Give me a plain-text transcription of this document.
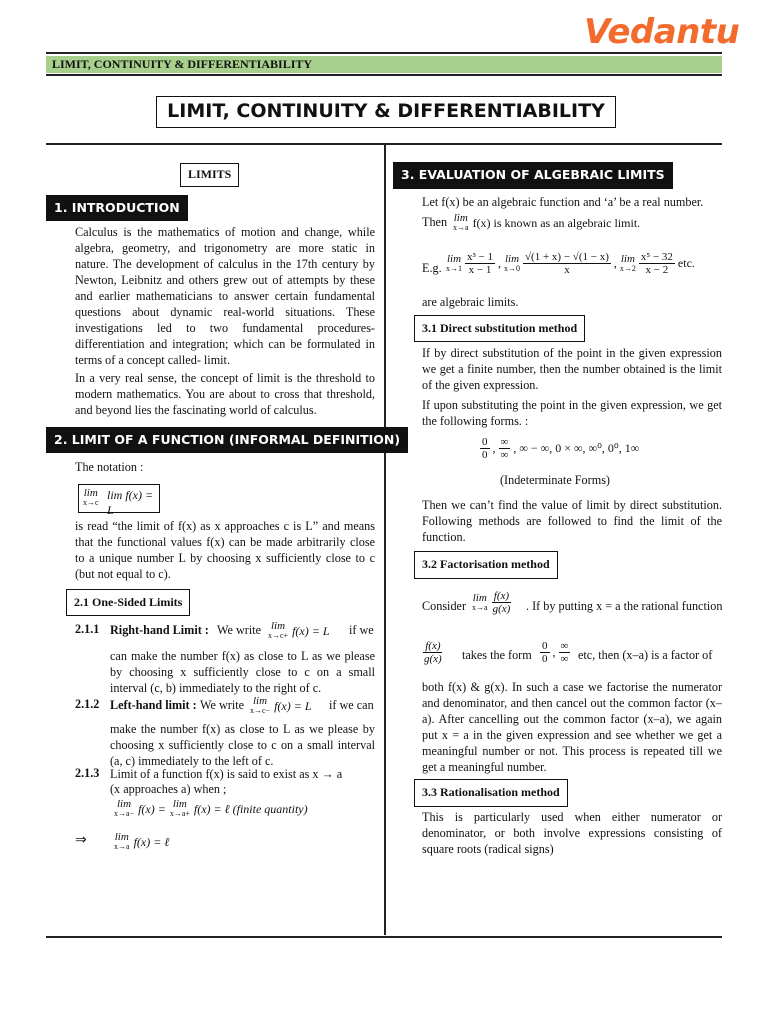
Vedantu
LIMIT, CONTINUITY & DIFFERENTIABILITY
LIMIT, CONTINUITY & DIFFERENTIABILITY
LIMITS
1. INTRODUCTION

Calculus is the mathematics of motion and change, while algebra, geometry, and trigonometry are more static in nature. The development of calculus in the 17th century by Newton, Leibnitz and others grew out of attempts by these and earlier mathematicians to answer certain fundamental questions about dynamic real-world situations. These investigations led to two fundamental procedures- differentiation and integration; which can be formulated in terms of a concept called- limit.

In a very real sense, the concept of limit is the threshold to modern mathematics. You are about to cross that threshold, and beyond lies the fascinating world of calculus.

2. LIMIT OF A FUNCTION (INFORMAL DEFINITION)
The notation :
lim
x→c
lim f(x) = L

is read “the limit of f(x) as x approaches c is L” and means that the functional values f(x) can be made arbitrarily close to a unique number L by choosing x sufficiently close to c (but not equal to c).

2.1 One-Sided Limits
2.1.1 Right-hand Limit : We write lim
x→c+ f(x) = L if we

can make the number f(x) as close to L as we please by choosing x sufficiently close to c on a small interval (c, b) immediately to the right of c.

2.1.2 Left-hand limit : We write lim
x→c− f(x) = L if we can

make the number f(x) as close to L as we please by choosing x sufficiently close to c on a small interval (a, c) immediately to the left of c.

2.1.3 Limit of a function f(x) is said to exist as x → a
(x approaches a) when ;
lim
x→a− f(x) = lim
x→a+ f(x) = ℓ (finite quantity)
⇒	lim
x→a f(x) = ℓ
3. EVALUATION OF ALGEBRAIC LIMITS
Let f(x) be an algebraic function and ‘a’ be a real number.
Then lim
x→a f(x) is known as an algebraic limit.
E.g.
lim
$x\to 1 \frac{\text{x³ − 1}}{x - 1}$ , lim
$x\to 0 \frac{√(1 + x) - √(1 - x)}{x}$ , lim
$x\to 2 \frac{\text{x⁵ − 32}}{x - 2}$ etc.
are algebraic limits.
3.1 Direct substitution method

If by direct substitution of the point in the given expression we get a finite number, then the number obtained is the limit of the given expression.

If upon substituting the point in the given expression, we get the following forms. :

$\frac{0}{0}$ , $\frac{\infty}{\infty}$ , ∞ − ∞, 0 × ∞, ∞⁰, 0⁰, 1∞
(Indeterminate Forms)

Then we can’t find the value of limit by direct substitution. Following methods are followed to find the limit of the function.

3.2 Factorisation method
Consider
lim
$x\to a \frac{f(x)}{g(x)}$ . If by putting x = a the rational function
$\frac{f(x)}{g(x)}$ takes the form $\frac{0}{0}$ , $\frac{\infty}{\infty}$ etc, then (x–a) is a factor of

both f(x) & g(x). In such a case we factorise the numerator and denominator, and then cancel out the common factor (x–a). After cancelling out the common factor (x–a), we again put x = a in the given expression and see whether we get a meaningful number or not. This process is repeated till we get a meaningful number.

3.3 Rationalisation method

This is particularly used when either numerator or denominator, or both involve expressions consisting of square roots (radical signs)
